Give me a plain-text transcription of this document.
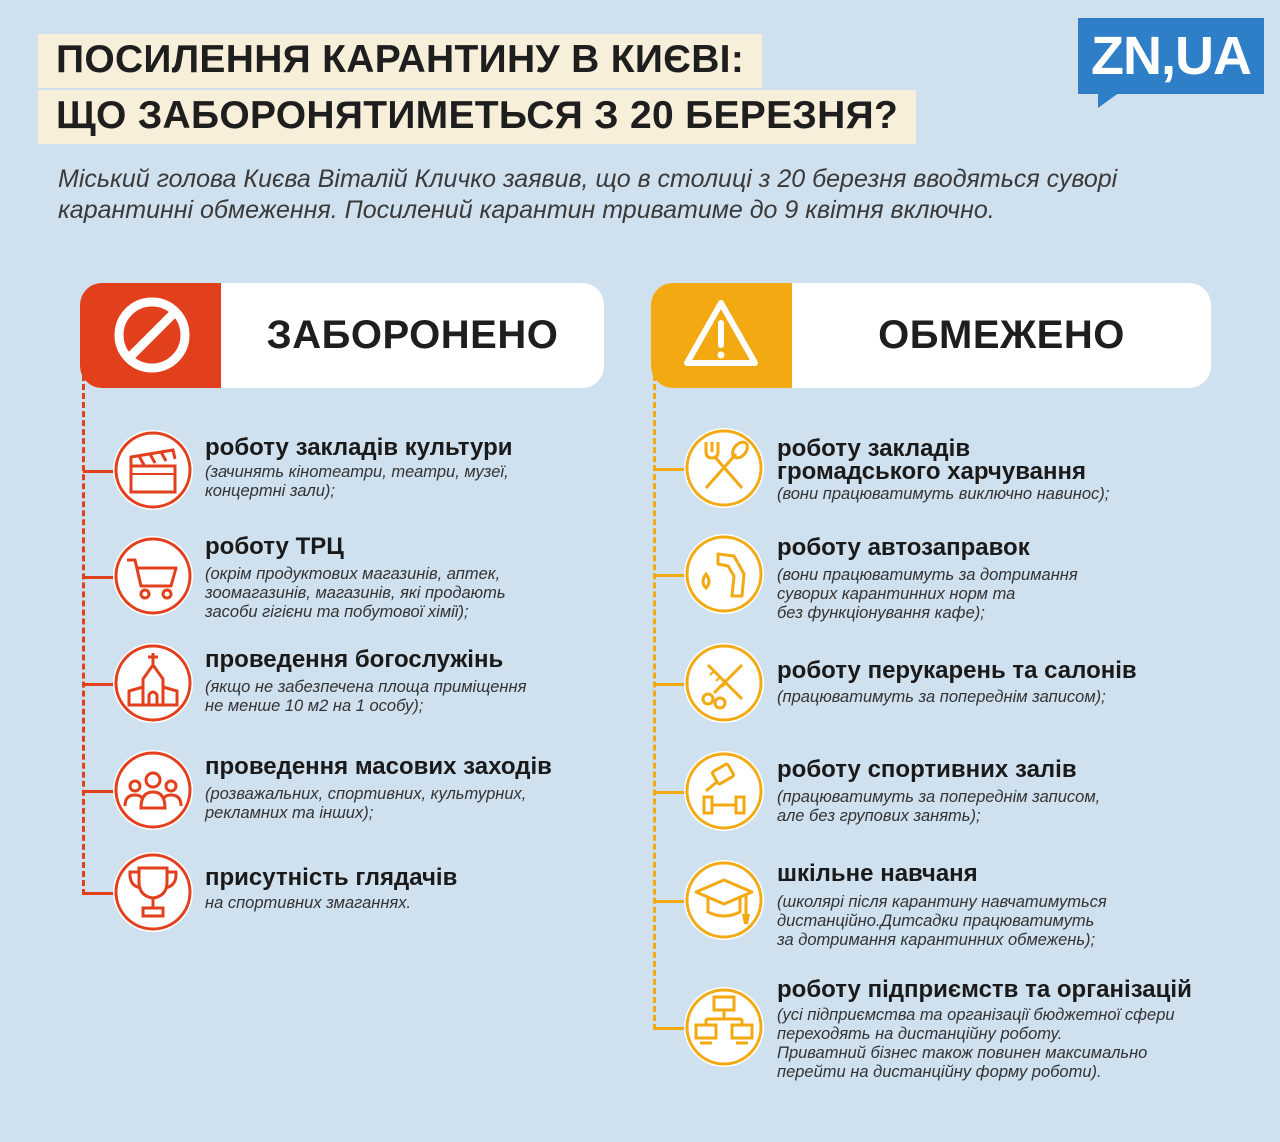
ПОСИЛЕННЯ КАРАНТИНУ В КИЄВІ:
ЩО ЗАБОРОНЯТИМЕТЬСЯ З 20 БЕРЕЗНЯ?
ZN,UA
Міський голова Києва Віталій Кличко заявив, що в столиці з 20 березня вводяться суворі карантинні обмеження. Посилений карантин триватиме до 9 квітня включно.
ЗАБОРОНЕНО	ОБМЕЖЕНО
роботу закладів культури
(зачинять кінотеатри, театри, музеї,
концертні зали);
роботу ТРЦ
(окрім продуктових магазинів, аптек,
зоомагазинів, магазинів, які продають
засоби гігієни та побутової хімії);
проведення богослужінь
(якщо не забезпечена площа приміщення
не менше 10 м2 на 1 особу);
проведення масових заходів
(розважальних, спортивних, культурних,
рекламних та інших);
присутність глядачів
на спортивних змаганнях.
роботу закладів
громадського харчування
(вони працюватимуть виключно навинос);
роботу автозаправок
(вони працюватимуть за дотримання
суворих карантинних норм та
без функціонування кафе);
роботу перукарень та салонів
(працюватимуть за попереднім записом);
роботу спортивних залів
(працюватимуть за попереднім записом,
але без групових занять);
шкільне навчаня
(школярі після карантину навчатимуться
дистанційно.Дитсадки працюватимуть
за дотримання карантинних обмежень);
роботу підприємств та організацій
(усі підприємства та організації бюджетної сфери
переходять на дистанційну роботу.
Приватний бізнес також повинен максимально
перейти на дистанційну форму роботи).
